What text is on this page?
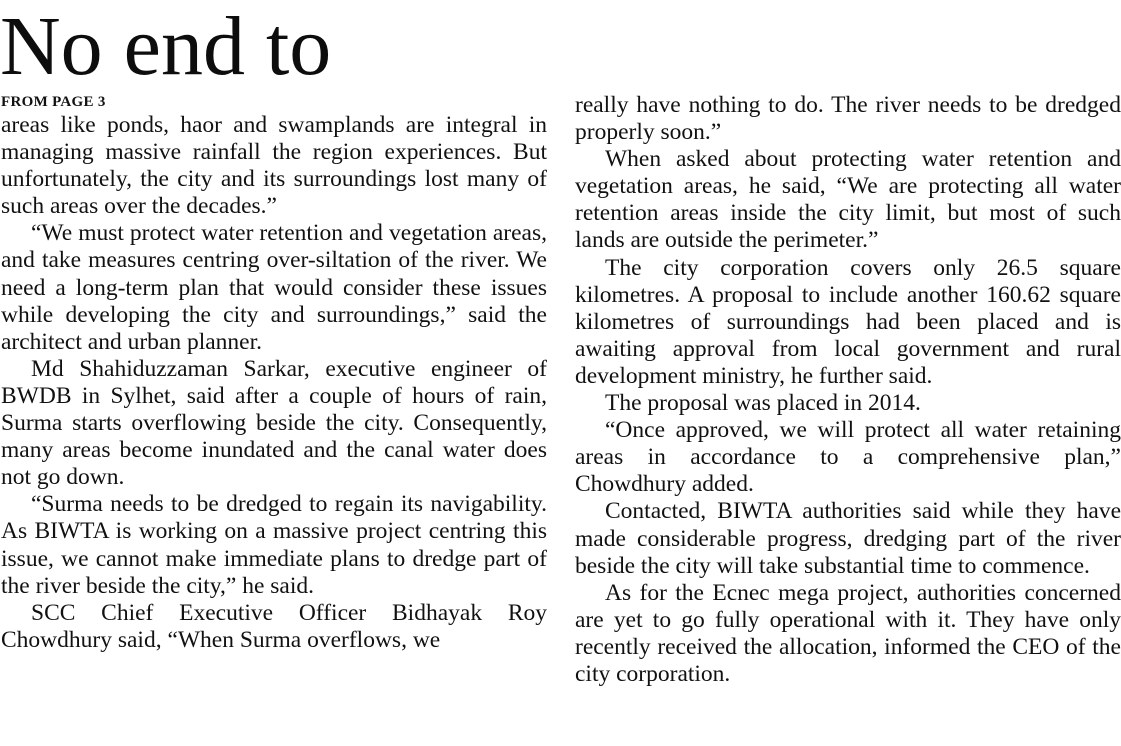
No end to
FROM PAGE 3

areas like ponds, haor and swamplands are integral in managing massive rainfall the region experiences. But unfortunately, the city and its surroundings lost many of such areas over the decades.”

“We must protect water retention and vegetation areas, and take measures centring over-siltation of the river. We need a long-term plan that would consider these issues while developing the city and surroundings,” said the architect and urban planner.

Md Shahiduzzaman Sarkar, executive engineer of BWDB in Sylhet, said after a couple of hours of rain, Surma starts overflowing beside the city. Consequently, many areas become inundated and the canal water does not go down.

“Surma needs to be dredged to regain its navigability. As BIWTA is working on a massive project centring this issue, we cannot make immediate plans to dredge part of the river beside the city,” he said.

SCC Chief Executive Officer Bidhayak Roy Chowdhury said, “When Surma overflows, we

really have nothing to do. The river needs to be dredged properly soon.”

When asked about protecting water retention and vegetation areas, he said, “We are protecting all water retention areas inside the city limit, but most of such lands are outside the perimeter.”

The city corporation covers only 26.5 square kilometres. A proposal to include another 160.62 square kilometres of surroundings had been placed and is awaiting approval from local government and rural development ministry, he further said.

The proposal was placed in 2014.

“Once approved, we will protect all water retaining areas in accordance to a comprehensive plan,” Chowdhury added.

Contacted, BIWTA authorities said while they have made considerable progress, dredging part of the river beside the city will take substantial time to commence.

As for the Ecnec mega project, authorities concerned are yet to go fully operational with it. They have only recently received the allocation, informed the CEO of the city corporation.
